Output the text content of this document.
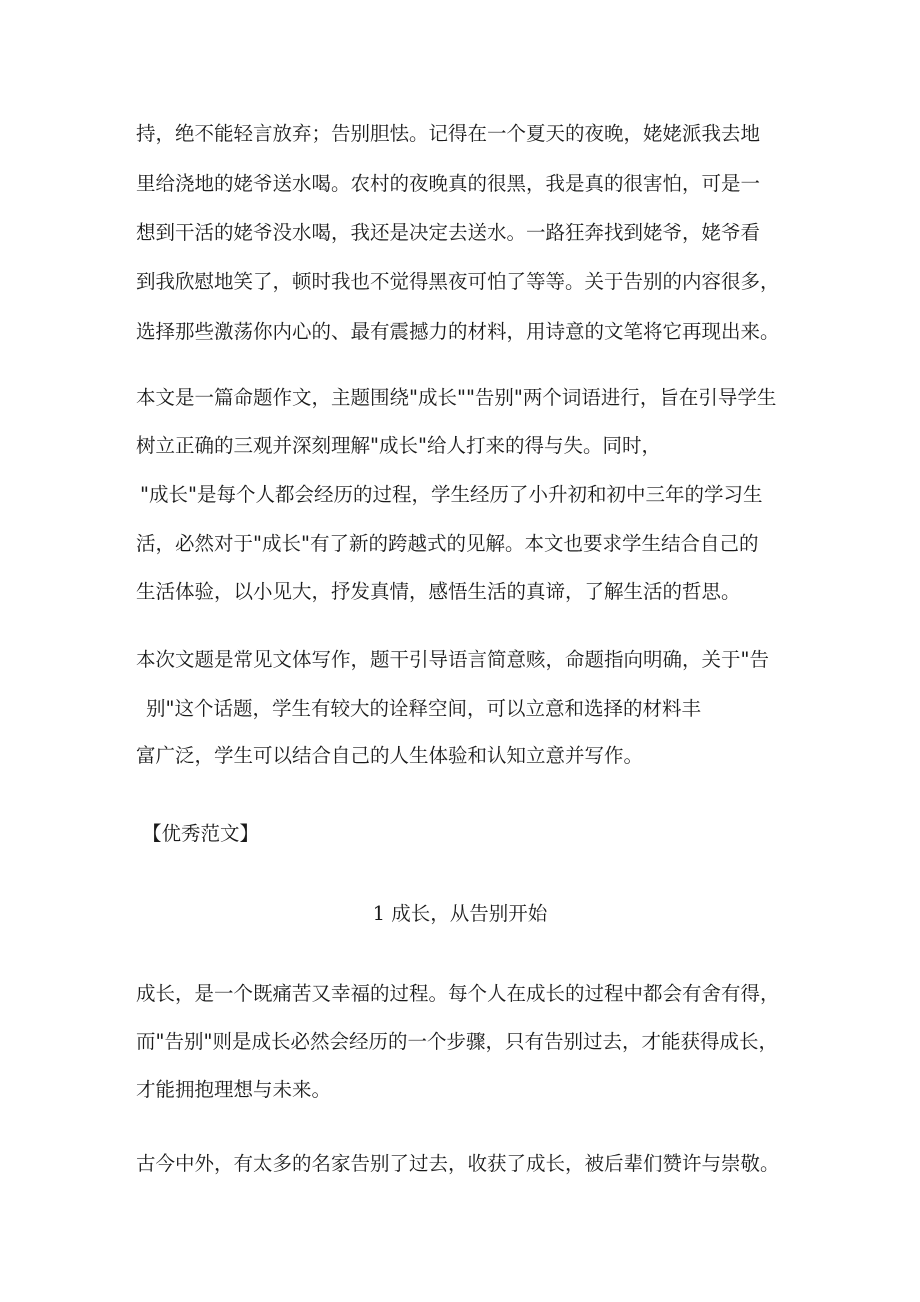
持，绝不能轻言放弃；告别胆怯。记得在一个夏天的夜晚，姥姥派我去地

里给浇地的姥爷送水喝。农村的夜晚真的很黑，我是真的很害怕，可是一

想到干活的姥爷没水喝，我还是决定去送水。一路狂奔找到姥爷，姥爷看

到我欣慰地笑了，顿时我也不觉得黑夜可怕了等等。关于告别的内容很多，

选择那些激荡你内心的、最有震撼力的材料，用诗意的文笔将它再现出来。

本文是一篇命题作文，主题围绕"成长""告别"两个词语进行，旨在引导学生

树立正确的三观并深刻理解"成长"给人打来的得与失。同时，

"成长"是每个人都会经历的过程，学生经历了小升初和初中三年的学习生

活，必然对于"成长"有了新的跨越式的见解。本文也要求学生结合自己的

生活体验，以小见大，抒发真情，感悟生活的真谛，了解生活的哲思。

本次文题是常见文体写作，题干引导语言简意赅，命题指向明确，关于"告

别"这个话题，学生有较大的诠释空间，可以立意和选择的材料丰

富广泛，学生可以结合自己的人生体验和认知立意并写作。

【优秀范文】

1 成长，从告别开始

成长，是一个既痛苦又幸福的过程。每个人在成长的过程中都会有舍有得，

而"告别"则是成长必然会经历的一个步骤，只有告别过去，才能获得成长，

才能拥抱理想与未来。

古今中外，有太多的名家告别了过去，收获了成长，被后辈们赞许与崇敬。
